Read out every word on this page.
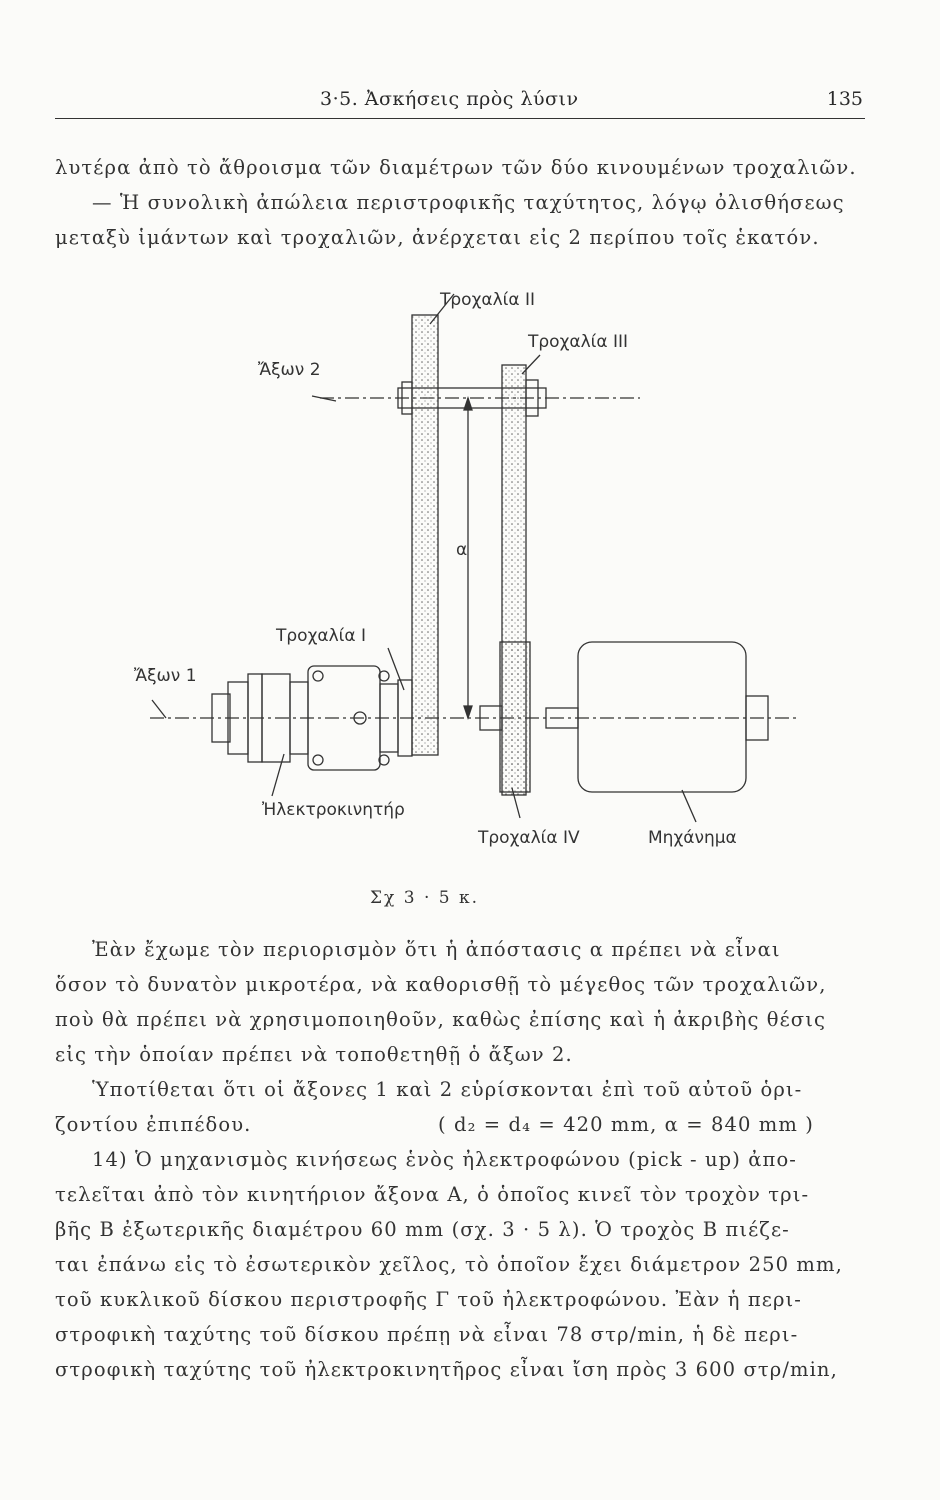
3·5. Ἀσκήσεις πρὸς λύσιν	135
λυτέρα ἀπὸ τὸ ἄθροισμα τῶν διαμέτρων τῶν δύο κινουμένων τροχαλιῶν.
— Ἡ συνολικὴ ἀπώλεια περιστροφικῆς ταχύτητος, λόγῳ ὀλισθήσεως
μεταξὺ ἱμάντων καὶ τροχαλιῶν, ἀνέρχεται εἰς 2 περίπου τοῖς ἑκατόν.
Τροχαλία II
Τροχαλία III
Ἄξων 2
α
Τροχαλία I
Ἄξων 1
Ἠλεκτροκινητήρ
Τροχαλία IV	Μηχάνημα
Σχ 3 · 5 κ.
Ἐὰν ἔχωμε τὸν περιορισμὸν ὅτι ἡ ἀπόστασις α πρέπει νὰ εἶναι
ὅσον τὸ δυνατὸν μικροτέρα, νὰ καθορισθῇ τὸ μέγεθος τῶν τροχαλιῶν,
ποὺ θὰ πρέπει νὰ χρησιμοποιηθοῦν, καθὼς ἐπίσης καὶ ἡ ἀκριβὴς θέσις
εἰς τὴν ὁποίαν πρέπει νὰ τοποθετηθῇ ὁ ἄξων 2.
Ὑποτίθεται ὅτι οἱ ἄξονες 1 καὶ 2 εὑρίσκονται ἐπὶ τοῦ αὐτοῦ ὁρι-
ζοντίου ἐπιπέδου.	( d₂ = d₄ = 420 mm, α = 840 mm )
14) Ὁ μηχανισμὸς κινήσεως ἑνὸς ἠλεκτροφώνου (pick - up) ἀπο-
τελεῖται ἀπὸ τὸν κινητήριον ἄξονα Α, ὁ ὁποῖος κινεῖ τὸν τροχὸν τρι-
βῆς Β ἐξωτερικῆς διαμέτρου 60 mm (σχ. 3 · 5 λ). Ὁ τροχὸς Β πιέζε-
ται ἐπάνω εἰς τὸ ἐσωτερικὸν χεῖλος, τὸ ὁποῖον ἔχει διάμετρον 250 mm,
τοῦ κυκλικοῦ δίσκου περιστροφῆς Γ τοῦ ἠλεκτροφώνου. Ἐὰν ἡ περι-
στροφικὴ ταχύτης τοῦ δίσκου πρέπῃ νὰ εἶναι 78 στρ/min, ἡ δὲ περι-
στροφικὴ ταχύτης τοῦ ἠλεκτροκινητῆρος εἶναι ἴση πρὸς 3 600 στρ/min,
